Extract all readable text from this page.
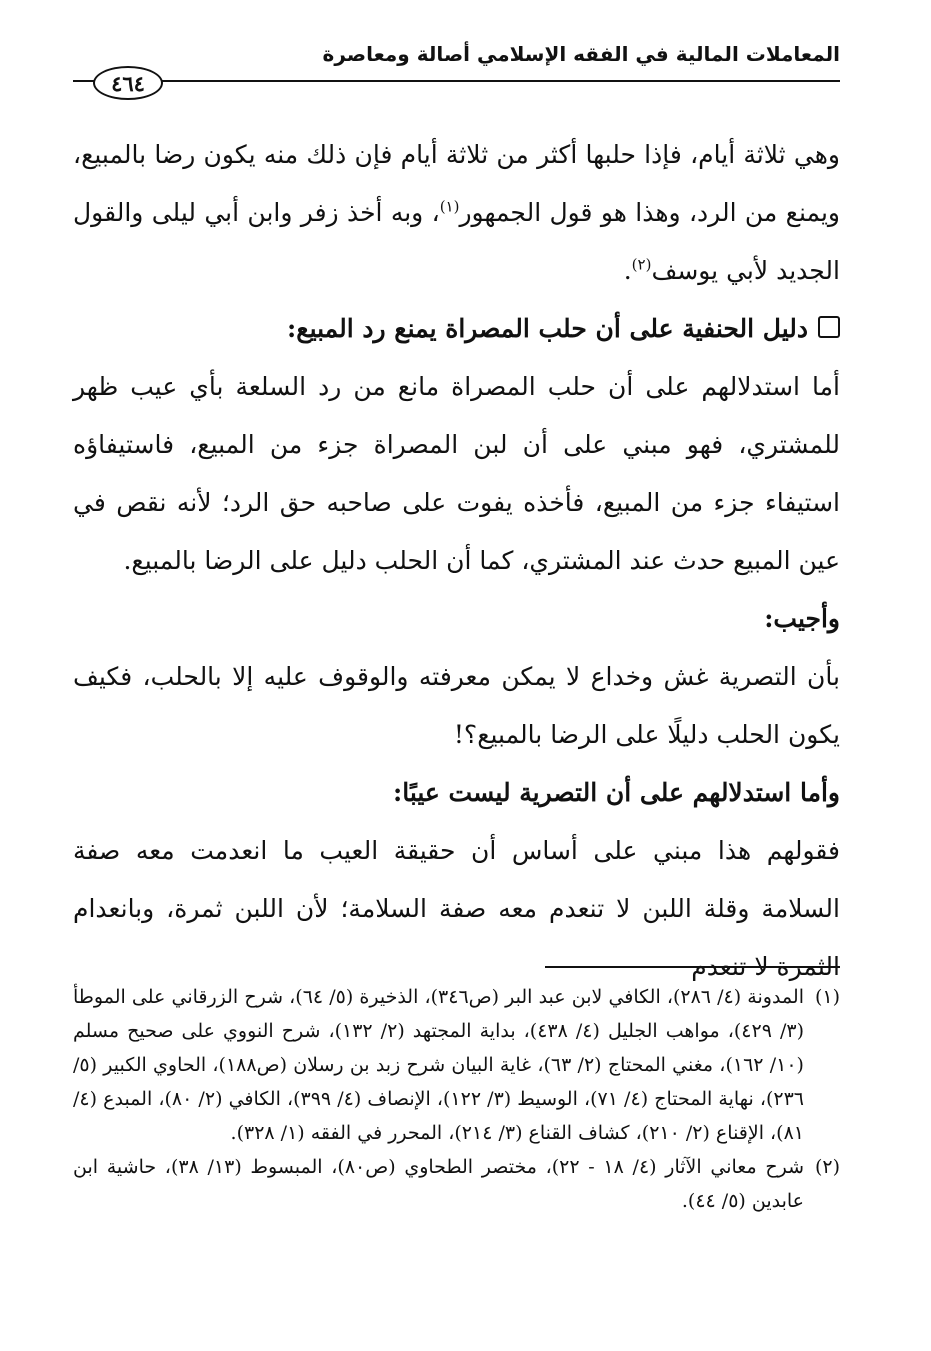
المعاملات المالية في الفقه الإسلامي أصالة ومعاصرة
٤٦٤

وهي ثلاثة أيام، فإذا حلبها أكثر من ثلاثة أيام فإن ذلك منه يكون رضا بالمبيع، ويمنع من الرد، وهذا هو قول الجمهور$^{(١)}$، وبه أخذ زفر وابن أبي ليلى والقول الجديد لأبي يوسف$^{(٢)}$.

دليل الحنفية على أن حلب المصراة يمنع رد المبيع:

أما استدلالهم على أن حلب المصراة مانع من رد السلعة بأي عيب ظهر للمشتري، فهو مبني على أن لبن المصراة جزء من المبيع، فاستيفاؤه استيفاء جزء من المبيع، فأخذه يفوت على صاحبه حق الرد؛ لأنه نقص في عين المبيع حدث عند المشتري، كما أن الحلب دليل على الرضا بالمبيع.

وأجيب:

بأن التصرية غش وخداع لا يمكن معرفته والوقوف عليه إلا بالحلب، فكيف يكون الحلب دليلًا على الرضا بالمبيع؟!

وأما استدلالهم على أن التصرية ليست عيبًا:

فقولهم هذا مبني على أساس أن حقيقة العيب ما انعدمت معه صفة السلامة وقلة اللبن لا تنعدم معه صفة السلامة؛ لأن اللبن ثمرة، وبانعدام الثمرة لا تنعدم

(١)
المدونة (٤/ ٢٨٦)، الكافي لابن عبد البر (ص٣٤٦)، الذخيرة (٥/ ٦٤)، شرح الزرقاني على الموطأ (٣/ ٤٢٩)، مواهب الجليل (٤/ ٤٣٨)، بداية المجتهد (٢/ ١٣٢)، شرح النووي على صحيح مسلم (١٠/ ١٦٢)، مغني المحتاج (٢/ ٦٣)، غاية البيان شرح زبد بن رسلان (ص١٨٨)، الحاوي الكبير (٥/ ٢٣٦)، نهاية المحتاج (٤/ ٧١)، الوسيط (٣/ ١٢٢)، الإنصاف (٤/ ٣٩٩)، الكافي (٢/ ٨٠)، المبدع (٤/ ٨١)، الإقناع (٢/ ٢١٠)، كشاف القناع (٣/ ٢١٤)، المحرر في الفقه (١/ ٣٢٨).
(٢)
شرح معاني الآثار (٤/ ١٨ - ٢٢)، مختصر الطحاوي (ص٨٠)، المبسوط (١٣/ ٣٨)، حاشية ابن عابدين (٥/ ٤٤).
